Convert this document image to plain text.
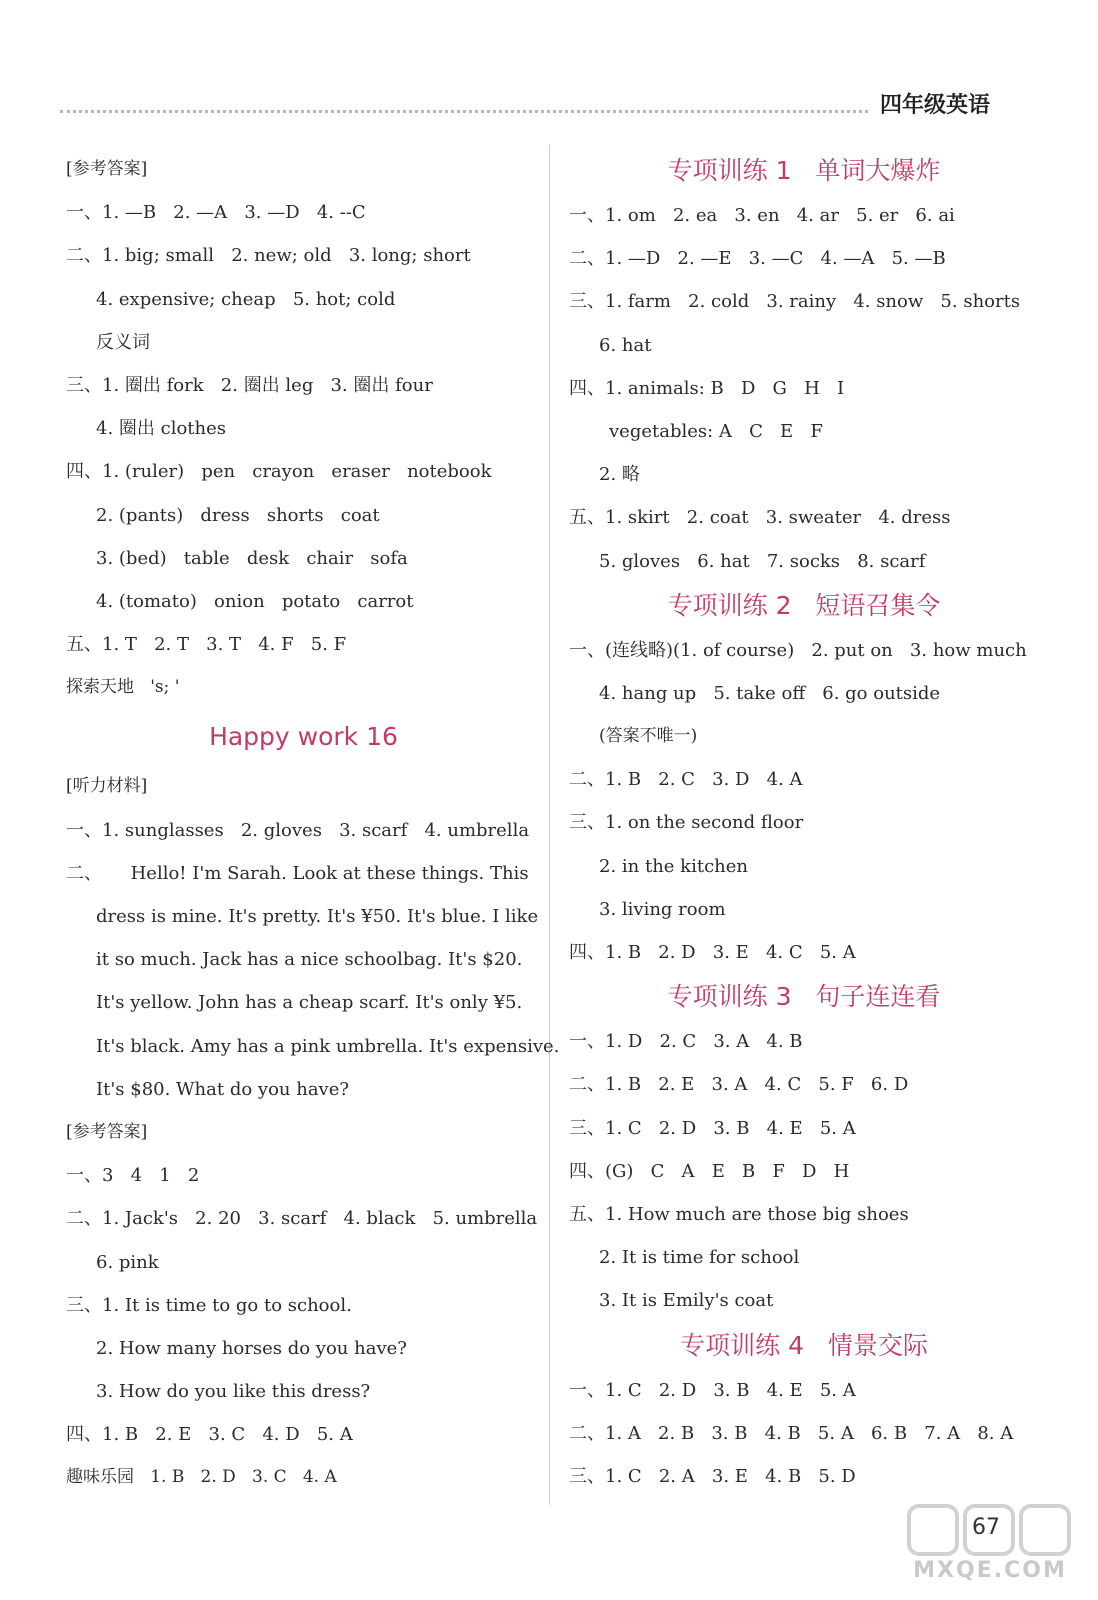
四年级英语
[参考答案]
一、1. —B   2. —A   3. —D   4. --C
二、1. big; small   2. new; old   3. long; short
4. expensive; cheap   5. hot; cold
反义词
三、1. 圈出 fork   2. 圈出 leg   3. 圈出 four
4. 圈出 clothes
四、1. (ruler)   pen   crayon   eraser   notebook
2. (pants)   dress   shorts   coat
3. (bed)   table   desk   chair   sofa
4. (tomato)   onion   potato   carrot
五、1. T   2. T   3. T   4. F   5. F
探索天地   's; '
Happy work 16
[听力材料]
一、1. sunglasses   2. gloves   3. scarf   4. umbrella
二、     Hello! I'm Sarah. Look at these things. This
dress is mine. It's pretty. It's ¥50. It's blue. I like
it so much. Jack has a nice schoolbag. It's $20.
It's yellow. John has a cheap scarf. It's only ¥5.
It's black. Amy has a pink umbrella. It's expensive.
It's $80. What do you have?
[参考答案]
一、3   4   1   2
二、1. Jack's   2. 20   3. scarf   4. black   5. umbrella
6. pink
三、1. It is time to go to school.
2. How many horses do you have?
3. How do you like this dress?
四、1. B   2. E   3. C   4. D   5. A
趣味乐园   1. B   2. D   3. C   4. A
专项训练 1   单词大爆炸
一、1. om   2. ea   3. en   4. ar   5. er   6. ai
二、1. —D   2. —E   3. —C   4. —A   5. —B
三、1. farm   2. cold   3. rainy   4. snow   5. shorts
6. hat
四、1. animals: B   D   G   H   I
vegetables: A   C   E   F
2. 略
五、1. skirt   2. coat   3. sweater   4. dress
5. gloves   6. hat   7. socks   8. scarf
专项训练 2   短语召集令
一、(连线略)(1. of course)   2. put on   3. how much
4. hang up   5. take off   6. go outside
(答案不唯一)
二、1. B   2. C   3. D   4. A
三、1. on the second floor
2. in the kitchen
3. living room
四、1. B   2. D   3. E   4. C   5. A
专项训练 3   句子连连看
一、1. D   2. C   3. A   4. B
二、1. B   2. E   3. A   4. C   5. F   6. D
三、1. C   2. D   3. B   4. E   5. A
四、(G)   C   A   E   B   F   D   H
五、1. How much are those big shoes
2. It is time for school
3. It is Emily's coat
专项训练 4   情景交际
一、1. C   2. D   3. B   4. E   5. A
二、1. A   2. B   3. B   4. B   5. A   6. B   7. A   8. A
三、1. C   2. A   3. E   4. B   5. D
MXQE.COM
67
